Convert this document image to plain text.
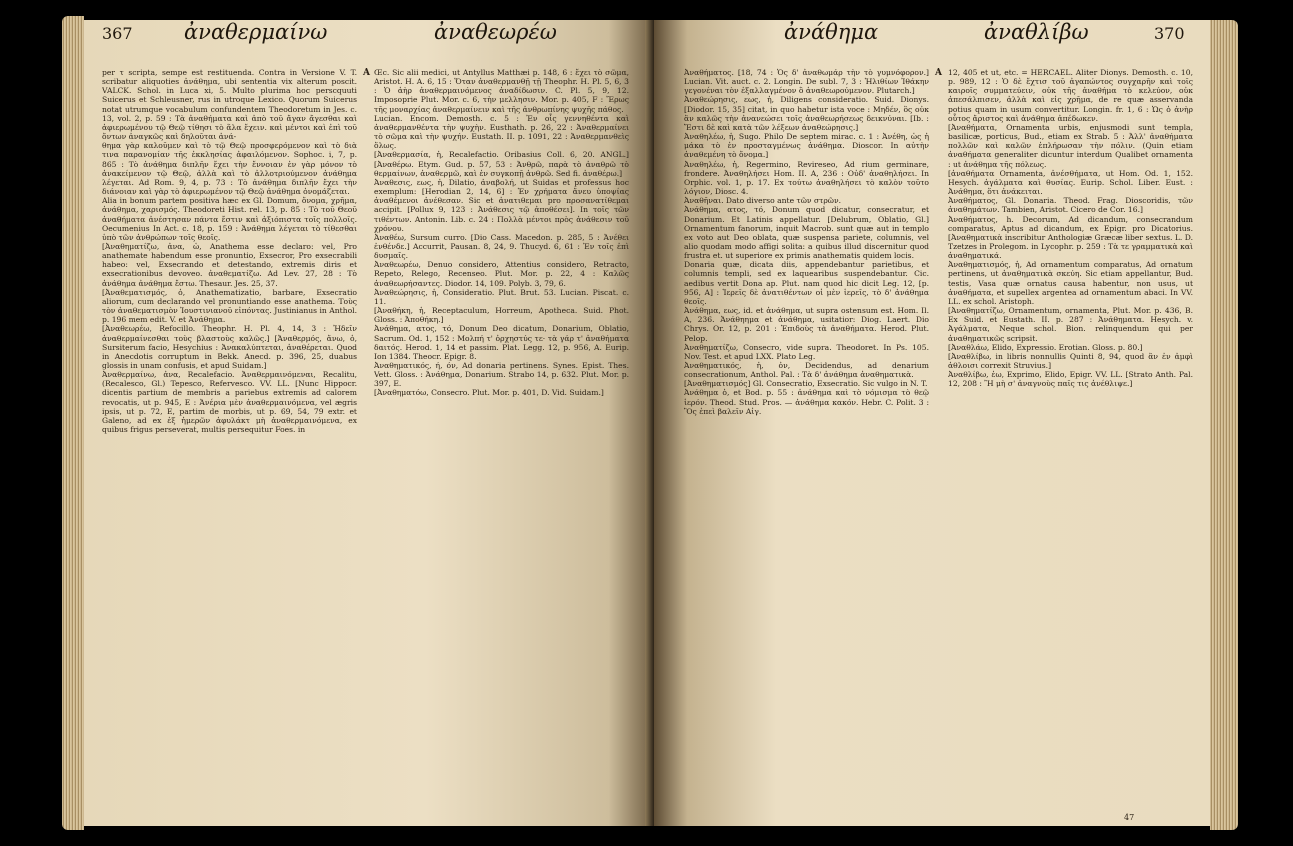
367 ἀναθερμαίνω	ἀναθεωρέω

per τ scripta, sempe est restituenda. Contra in Versione V. T. scribatur aliquoties ἀνάθημα, ubi sententia vix alterum poscit. VALCK. Schol. in Luca xi, 5. Multo plurima hoc perscquuti Suicerus et Schleusner, rus in utroque Lexico. Quorum Suicerus notat utrumque vocabulum confundentem Theodoretum in Jes. c. 13, vol. 2, p. 59 : Τὰ ἀναθήματα καὶ ἀπὸ τοῦ ἄγαν ἄγεσθαι καὶ ἀφιερωμένου τῷ Θεῷ τίθησι τὸ ἅλα ἔχειν. καὶ μέντοι καὶ ἐπὶ τοῦ ὄντων ἀναγκῶς καὶ δηλοῦται ἀνά-

θημα γὰρ καλοῦμεν καὶ τὸ τῷ Θεῷ προσφερόμενον καὶ τὸ διὰ τινα παρανομίαν τῆς ἐκκλησίας ἀφαιλόμενον. Sophoc. i, 7, p. 865 : Τὸ ἀνάθημα διπλῆν ἔχει τὴν ἔννοιαν ἐν γὰρ μόνον τὸ ἀνακείμενον τῷ Θεῷ, ἀλλὰ καὶ τὸ ἀλλοτριούμενον ἀνάθημα λέγεται. Ad Rom. 9, 4, p. 73 : Τὸ ἀνάθημα διπλῆν ἔχει τὴν διάνοιαν καὶ γὰρ τὸ ἀφιερωμένον τῷ Θεῷ ἀνάθημα ὀνομάζεται.

Alia in bonum partem positiva hæc ex Gl. Domum, ὄνομα, χρῆμα, ἀνάθημα, χαρισμός. Theodoreti Hist. rel. 13, p. 85 : Τὸ τοῦ Θεοῦ ἀναθήματα ἀνέστησαν πάντα ἔστιν καὶ ἀξιόπιστα τοῖς πολλοῖς. Oecumenius In Act. c. 18, p. 159 : Ἀνάθημα λέγεται τὸ τίθεσθαι ὑπὸ τῶν ἀνθρώπων τοῖς θεοῖς.

[Ἀναθηματίζω, ἀνα, ὡ, Anathema esse declaro: vel, Pro anathemate habendum esse pronuntio, Exsecror, Pro exsecrabili habeo: vel, Exsecrando et detestando, extremis diris et exsecrationibus devoveo. ἀναθεματίζω. Ad Lev. 27, 28 : Τὸ ἀνάθημα ἀνάθημα ἔστω. Thesaur. Jes. 25, 37.

[Ἀναθεματισμός, ὁ, Anathematizatio, barbare, Exsecratio aliorum, cum declarando vel pronuntiando esse anathema. Τοὺς τὸν ἀναθεματισμὸν Ἰουστινιανοῦ εἰπόντας. Justinianus in Anthol. p. 196 mem edit. V. et Ἀνάθημα.

[Ἀναθεωρέω, Refocillo. Theophr. H. Pl. 4, 14, 3 : Ἠδεῖν ἀναθερμαίνεσθαι τοὺς βλαστοὺς καλῶς.] [Ἀναθερμός, ἄνω, ὁ, Sursiterum facio, Hesychius : Ἀνακαλύπτεται, ἀναθέρεται. Quod in Anecdotis corruptum in Bekk. Anecd. p. 396, 25, duabus glossis in unam confusis, et apud Suidam.]

Ἀναθερμαίνω, ἀνα, Recalefacio. Ἀναθερμαινόμεναι, Recalitu, (Recalesco, Gl.) Tepesco, Refervesco. VV. LL. [Nunc Hippocr. dicentis partium de membris a pariebus extremis ad calorem revocatis, ut p. 945, E : Ἀνέρια μὲν ἀναθερμαινόμενα, vel ægris ipsis, ut p. 72, E, partim de morbis, ut p. 69, 54, 79 extr. et Galeno, ad ex ἐξ ἡμερῶν ἀφυλάκτ μὴ ἀναθερμαινόμενα, ex quibus frigus perseverat, multis persequitur Foes. in

A Œc. Sic alii medici, ut Antyllus Matthæi p. 148, 6 : ἔχει τὸ σῶμα, Aristot. H. A. 6, 15 : Ὅταν ἀναθερμανθῇ τῇ Theophr. H. Pl. 5, 6, 3 : Ὁ ἀὴρ ἀναθερμαινόμενος ἀναδίδωσιν. C. Pl. 5, 9, 12. Imposoprie Plut. Mor. c. 6, τὴν μελλησιν. Mor. p. 405, F : Ἔρως τῆς μοναρχίας ἀναθερμαίνειν καὶ τῆς ἀνθρωπίνης ψυχῆς πάθος.

Lucian. Encom. Demosth. c. 5 : Ἐν οἷς γεννηθέντα καὶ ἀναθερμανθέντα τὴν ψυχὴν. Eusthath. p. 26, 22 : Ἀναθερμαίνει τὸ σῶμα καὶ τὴν ψυχήν. Eustath. II. p. 1091, 22 : Ἀναθερμανθεὶς ὅλως.

[Ἀναθερμασία, ἡ, Recalefactio. Oribasius Coll. 6, 20. ANGL.] [Ἀναθέρω. Etym. Gud. p. 57, 53 : Ἀνθρῶ, παρὰ τὸ ἀναθρῶ τὸ θερμαίνων, ἀναθερμῶ, καὶ ἐν συγκοπῇ ἀνθρῶ. Sed fi. ἀναθέρω.]

Ἀναθεσις, εως, ἡ, Dilatio, ἀναβολή, ut Suidas et professus hoc exemplum: [Herodian 2, 14, 6] : Ἐν χρήματα ἄνευ ὑποψίας ἀναθέμενοι ἀνέθεσαν. Sic et ἀνατιθεμαι pro προσανατίθεμαι accipit. [Pollux 9, 123 : Ἀνάθεσις τῷ ἀποθέσει]. In τοῖς τῶν τιθέντων. Antonin. Lib. c. 24 : Πολλὰ μέντοι πρὸς ἀνάθεσιν τοῦ χρόνου.

Ἀναθέω, Sursum curro. [Dio Cass. Macedon. p. 285, 5 : Ἀνέθει ἐνθένδε.] Accurrit, Pausan. 8, 24, 9. Thucyd. 6, 61 : Ἐν τοῖς ἐπὶ δυσμαῖς.

Ἀναθεωρέω, Denuo considero, Attentius considero, Retracto, Repeto, Relego, Recenseo. Plut. Mor. p. 22, 4 : Καλῶς ἀναθεωρήσαντες. Diodor. 14, 109. Polyb. 3, 79, 6.

Ἀναθεώρησις, ἡ, Consideratio. Plut. Brut. 53. Lucian. Piscat. c. 11.

[Ἀναθήκη, ἡ, Receptaculum, Horreum, Apotheca. Suid. Phot. Gloss. : Ἀποθήκη.]

Ἀνάθημα, ατος, τό, Donum Deo dicatum, Donarium, Oblatio, Sacrum. Od. 1, 152 : Μολπή τ' ὀρχηστύς τε· τὰ γάρ τ' ἀναθήματα δαιτός. Herod. 1, 14 et passim. Plat. Legg. 12, p. 956, A. Eurip. Ion 1384. Theocr. Epigr. 8.

Ἀναθηματικός, ή, όν, Ad donaria pertinens. Synes. Epist. Thes. Vett. Gloss. : Ἀνάθημα, Donarium. Strabo 14, p. 632. Plut. Mor. p. 397, E.

[Ἀναθηματόω, Consecro. Plut. Mor. p. 401, D. Vid. Suidam.]

ἀνάθημα	ἀναθλίβω	370

Ἀναθήματος. [18, 74 : Ὁς δ' ἀναθωμάρ τὴν τὸ γυμνόφορον.] Lucian. Vit. auct. c. 2. Longin. De subl. 7, 3 : Ἠλιθίων Ἰθάκην γεγονέναι τὸν ἐξαλλαγμένον ὃ ἀναθεωρούμενον. Plutarch.]

Ἀναθεώρησις, εως, ἡ, Diligens consideratio. Suid. Dionys. [Diodor. 15, 35] citat, in quo habetur ista voce : Μηδέν, ὃς οὐκ ἂν καλῶς τὴν ἀνανεώσει τοῖς ἀναθεωρήσεως δεικνύναι. [Ib. : Ἔστι δὲ καὶ κατὰ τῶν λέξεων ἀναθεώρησις.]

Ἀναθηλέω, ἡ, Sugo. Philo De septem mirac. c. 1 : Ἀνέθη, ὡς ἡ μάκα τὸ ἐν προσταγμένως ἀνάθημα. Dioscor. In αὐτὴν ἀναθεμένη τὸ ὄνομα.]

Ἀναθηλέω, ἡ, Regermino, Revireseo, Ad rium germinare, frondere. Ἀναθηλήσει Hom. II. A, 236 : Οὐδ' ἀναθηλήσει. In Orphic. vol. 1, p. 17. Ex τούτω ἀναθηλήσει τὸ καλὸν τοῦτο λόγιον, Diosc. 4.

Ἀναθῆναι. Dato diverso ante τῶν στρῶν.

Ἀνάθημα, ατος, τό, Donum quod dicatur, consecratur, et Donarium. Et Latinis appellatur. [Delubrum, Oblatio, Gl.] Ornamentum fanorum, inquit Macrob. sunt quæ aut in templo ex voto aut Deo oblata, quæ suspensa pariete, columnis, vel alio quodam modo affigi solita: a quibus illud discernitur quod frustra et. ut superiore ex primis anathematis quidem locis.

Donaria quæ, dicata diis, appendebantur parietibus, et columnis templi, sed ex laquearibus suspendebantur. Cic. aedibus vertit Dona ap. Plut. nam quod hic dicit Leg. 12, [p. 956, A] : Ἱερεῖς δὲ ἀνατιθέντων οἱ μὲν ἱερεῖς, τὸ δ' ἀνάθημα θεοῖς.

Ἀνάθημα, εως, id. et ἀνάθημα, ut supra ostensum est. Hom. Il. A, 236. Ἀνάθηημα et ἀνάθημα, usitatior: Diog. Laert. Dio Chrys. Or. 12, p. 201 : Ἐπιδοὺς τὰ ἀναθήματα. Herod. Plut. Pelop.

Ἀναθηματίζω, Consecro, vide supra. Theodoret. In Ps. 105. Nov. Test. et apud LXX. Plato Leg.

Ἀναθηματικός, ἡ, ὀν, Decidendus, ad denarium consecrationum, Anthol. Pal. : Τὰ δ' ἀνάθημα ἀναθηματικὰ.

[Ἀναθηματισμός] Gl. Consecratio, Exsecratio. Sic vulgo in N. T.

Ἀνάθημα ὁ, et Bod. p. 55 : ἀνάθημα καὶ τὸ νόμισμα τὸ θεῷ ἱερόν. Theod. Stud. Pros. — ἀνάθημα κακόν. Hebr. C. Polit. 3 : Ὃς ἐπεὶ βαλεῖν Αἰγ.

A 12, 405 et ut, etc. = HERCAEL. Aliter Dionys. Demosth. c. 10, p. 989, 12 : Ὁ δὲ ἔχτισ τοῦ ἀγαπώντος συγχαρῆν καὶ τοῖς καιροῖς συμματεύειν, οὐκ τῆς ἀναθήμα τὸ κελεύον, οὐκ ἀπεσάλπισεν, ἀλλὰ καὶ εἰς χρῆμα, de re quæ asservanda potius quam in usum convertitur. Longin. fr. 1, 6 : Ὡς ὁ ἀνὴρ οὗτος ἄριστος καὶ ἀνάθημα ἀπέδωκεν.

[Ἀναθήματα, Ornamenta urbis, enjusmodi sunt templa, basilicæ, porticus, Bud., etiam ex Strab. 5 : Ἀλλ' ἀναθήματα πολλῶν καὶ καλῶν ἐπλήρωσαν τὴν πόλιν. (Quin etiam ἀναθήματα generaliter dicuntur interdum Qualibet ornamenta : ut ἀνάθημα τῆς πόλεως.

[ἀναθήματα Ornamenta, ἀνέσθήματα, ut Hom. Od. 1, 152. Hesych. ἀγάλματα καὶ θυσίας. Eurip. Schol. Liber. Eust. : Ἀνάθημα, ὅτι ἀνάκειται.

Ἀναθήματος, Gl. Donaria. Theod. Frag. Dioscoridis, τῶν ἀναθημάτων. Tambien, Aristot. Cicero de Cor. 16.]

Ἀναθήματος, h. Decorum, Ad dicandum, consecrandum comparatus, Aptus ad dicandum, ex Epigr. pro Dicatorius. [Ἀναθηματικὰ inscribitur Anthologiæ Græcæ liber sextus. L. D. Tzetzes in Prolegom. in Lycophr. p. 259 : Τὰ τε γραμματικὰ καὶ ἀναθηματικά.

Ἀναθηματισμός, ἡ, Ad ornamentum comparatus, Ad ornatum pertinens, ut ἀναθηματικὰ σκεύη. Sic etiam appellantur, Bud. testis, Vasa quæ ornatus causa habentur, non usus, ut ἀναθήματα, et supellex argentea ad ornamentum abaci. In VV. LL. ex schol. Aristoph.

[Ἀναθηματίζω, Ornamentum, ornamenta, Plut. Mor. p. 436, B. Ex Suid. et Eustath. II. p. 287 : Ἀνάθηματα. Hesych. v. Ἀγάλματα, Neque schol. Bion. relinquendum qui per ἀναθηματικῶς scripsit.

[Ἀναθλάω, Elido, Expressio. Erotian. Gloss. p. 80.]

[Ἀναθλίβω, in libris nonnullis Quinti 8, 94, quod ἂν ἐν ἀμφὶ ἀθλοισι correxit Struvius.]

Ἀναθλίβω, ἐω, Exprimo, Elido, Epigr. VV. LL. [Strato Anth. Pal. 12, 208 : Ἢ μὴ σ' ἀναγνοὺς παῖς τις ἀνέθλιψε.]

47
